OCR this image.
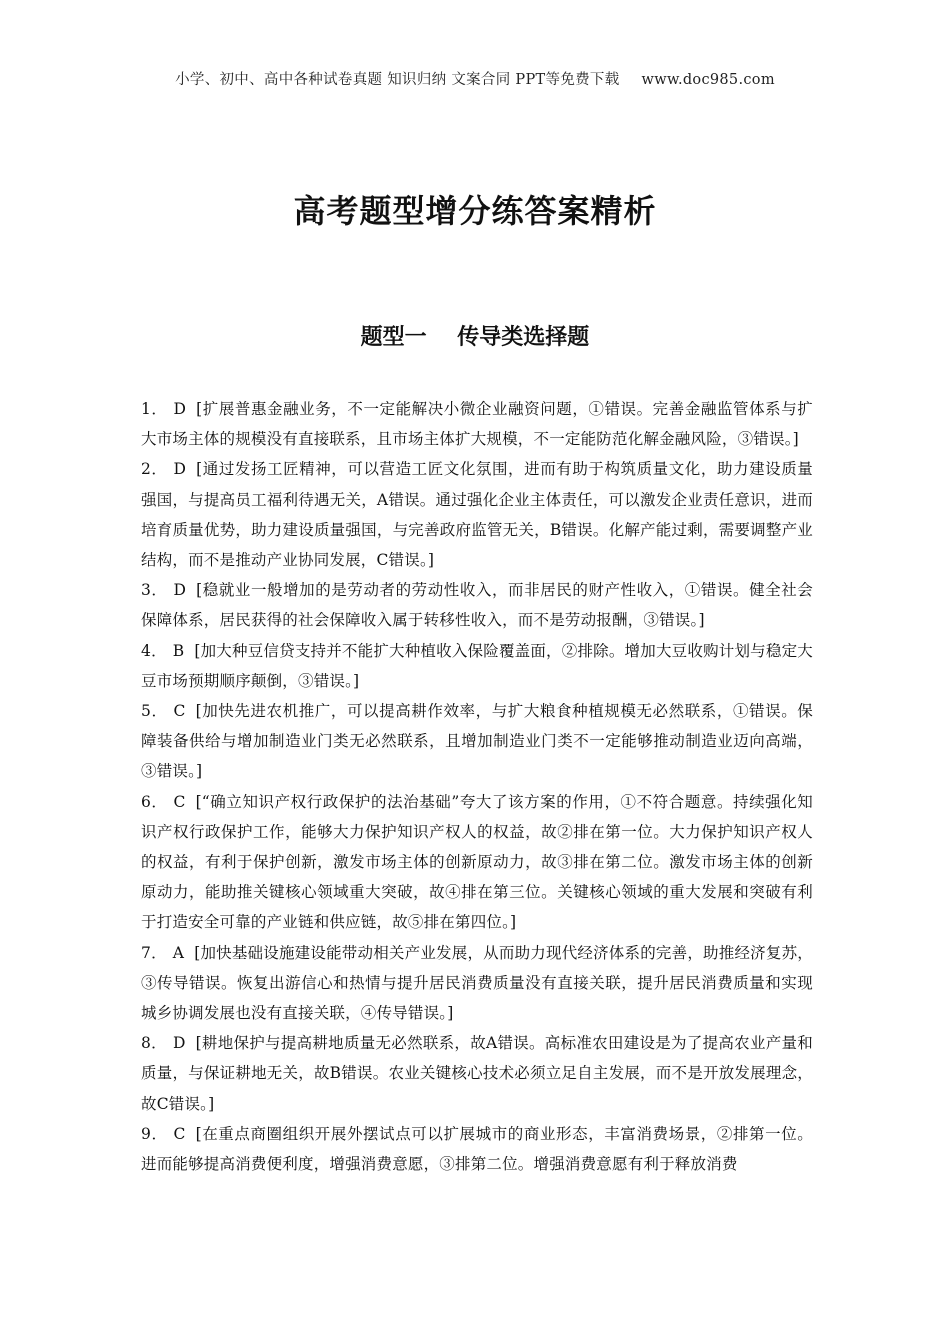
小学、初中、高中各种试卷真题 知识归纳 文案合同 PPT等免费下载 www.doc985.com
高考题型增分练答案精析
题型一    传导类选择题

1． D [扩展普惠金融业务，不一定能解决小微企业融资问题，①错误。完善金融监管体系与扩大市场主体的规模没有直接联系，且市场主体扩大规模，不一定能防范化解金融风险，③错误。]

2． D [通过发扬工匠精神，可以营造工匠文化氛围，进而有助于构筑质量文化，助力建设质量强国，与提高员工福利待遇无关，A错误。通过强化企业主体责任，可以激发企业责任意识，进而培育质量优势，助力建设质量强国，与完善政府监管无关，B错误。化解产能过剩，需要调整产业结构，而不是推动产业协同发展，C错误。]

3． D [稳就业一般增加的是劳动者的劳动性收入，而非居民的财产性收入，①错误。健全社会保障体系，居民获得的社会保障收入属于转移性收入，而不是劳动报酬，③错误。]

4． B [加大种豆信贷支持并不能扩大种植收入保险覆盖面，②排除。增加大豆收购计划与稳定大豆市场预期顺序颠倒，③错误。]

5． C [加快先进农机推广，可以提高耕作效率，与扩大粮食种植规模无必然联系，①错误。保障装备供给与增加制造业门类无必然联系，且增加制造业门类不一定能够推动制造业迈向高端，③错误。]

6． C [“确立知识产权行政保护的法治基础”夸大了该方案的作用，①不符合题意。持续强化知识产权行政保护工作，能够大力保护知识产权人的权益，故②排在第一位。大力保护知识产权人的权益，有利于保护创新，激发市场主体的创新原动力，故③排在第二位。激发市场主体的创新原动力，能助推关键核心领域重大突破，故④排在第三位。关键核心领域的重大发展和突破有利于打造安全可靠的产业链和供应链，故⑤排在第四位。]

7． A [加快基础设施建设能带动相关产业发展，从而助力现代经济体系的完善，助推经济复苏，③传导错误。恢复出游信心和热情与提升居民消费质量没有直接关联，提升居民消费质量和实现城乡协调发展也没有直接关联，④传导错误。]

8． D [耕地保护与提高耕地质量无必然联系，故A错误。高标准农田建设是为了提高农业产量和质量，与保证耕地无关，故B错误。农业关键核心技术必须立足自主发展，而不是开放发展理念，故C错误。]

9． C [在重点商圈组织开展外摆试点可以扩展城市的商业形态，丰富消费场景，②排第一位。进而能够提高消费便利度，增强消费意愿，③排第二位。增强消费意愿有利于释放消费
